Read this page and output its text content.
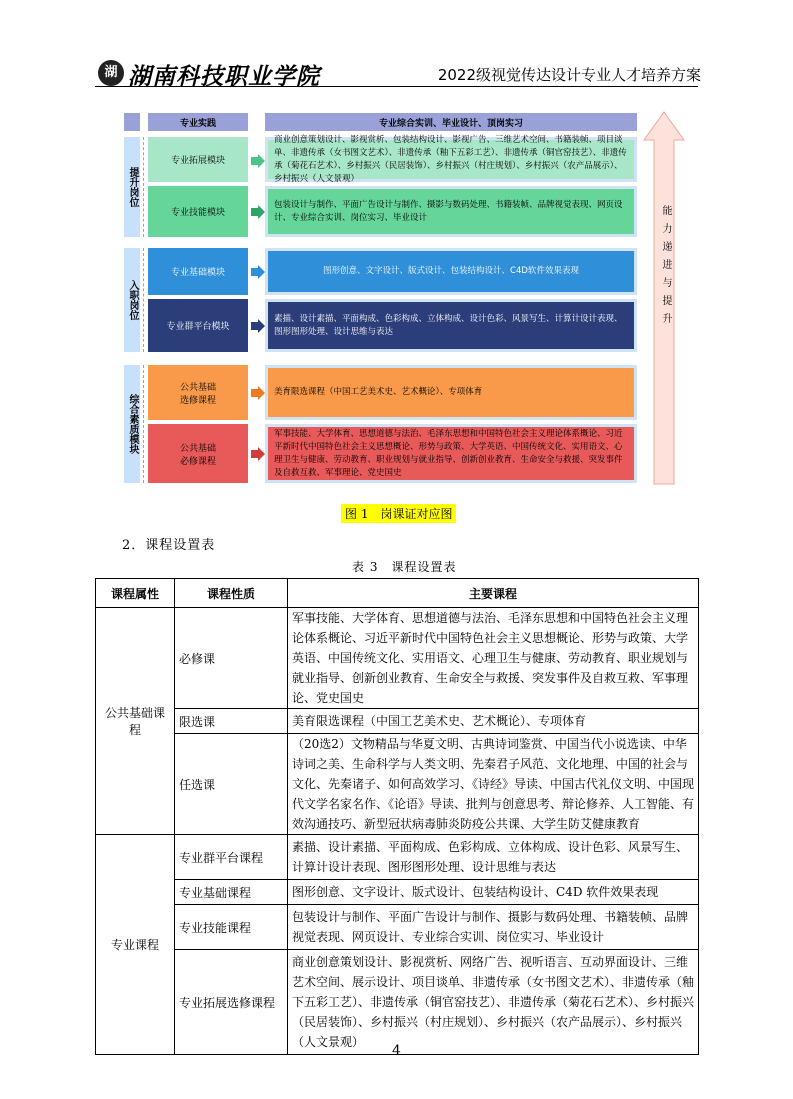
湖 湖南科技职业学院	2022级视觉传达设计专业人才培养方案
专业实践	专业综合实训、毕业设计、顶岗实习
提升岗位
入职岗位
综合素质模块
专业拓展模块
专业技能模块
专业基础模块
专业群平台模块
公共基础
选修课程
公共基础
必修课程
商业创意策划设计、影视赏析、包装结构设计、影视广告、三维艺术空间、书籍装帧、项目谈单、非遗传承（女书图文艺术）、非遗传承（釉下五彩工艺）、非遗传承（铜官窑技艺）、非遗传承（菊花石艺术）、乡村振兴（民居装饰）、乡村振兴（村庄规划）、乡村振兴（农产品展示）、乡村振兴（人文景观）
包装设计与制作、平面广告设计与制作、摄影与数码处理、书籍装帧、品牌视觉表现、网页设计、专业综合实训、岗位实习、毕业设计
图形创意、文字设计、版式设计、包装结构设计、C4D软件效果表现
素描、设计素描、平面构成、色彩构成、立体构成、设计色彩、风景写生、计算计设计表现、图形图形处理、设计思维与表达
美育限选课程（中国工艺美术史、艺术概论）、专项体育
军事技能、大学体育、思想道德与法治、毛泽东思想和中国特色社会主义理论体系概论、习近平新时代中国特色社会主义思想概论、形势与政策、大学英语、中国传统文化、实用语文、心理卫生与健康、劳动教育、职业规划与就业指导、创新创业教育、生命安全与救援、突发事件及自救互救、军事理论、党史国史
能力递进与提升
图 1　岗课证对应图
2．课程设置表
表 3　课程设置表
课程属性	课程性质	主要课程
公共基础课程	必修课	军事技能、大学体育、思想道德与法治、毛泽东思想和中国特色社会主义理论体系概论、习近平新时代中国特色社会主义思想概论、形势与政策、大学英语、中国传统文化、实用语文、心理卫生与健康、劳动教育、职业规划与就业指导、创新创业教育、生命安全与救援、突发事件及自救互救、军事理论、党史国史
	限选课	美育限选课程（中国工艺美术史、艺术概论）、专项体育
	任选课	（20选2）文物精品与华夏文明、古典诗词鉴赏、中国当代小说选读、中华诗词之美、生命科学与人类文明、先秦君子风范、文化地理、中国的社会与文化、先秦诸子、如何高效学习、《诗经》导读、中国古代礼仪文明、中国现代文学名家名作、《论语》导读、批判与创意思考、辩论修养、人工智能、有效沟通技巧、新型冠状病毒肺炎防疫公共课、大学生防艾健康教育
专业课程	专业群平台课程	素描、设计素描、平面构成、色彩构成、立体构成、设计色彩、风景写生、计算计设计表现、图形图形处理、设计思维与表达
	专业基础课程	图形创意、文字设计、版式设计、包装结构设计、C4D 软件效果表现
	专业技能课程	包装设计与制作、平面广告设计与制作、摄影与数码处理、书籍装帧、品牌视觉表现、网页设计、专业综合实训、岗位实习、毕业设计
	专业拓展选修课程	商业创意策划设计、影视赏析、网络广告、视听语言、互动界面设计、三维艺术空间、展示设计、项目谈单、非遗传承（女书图文艺术）、非遗传承（釉下五彩工艺）、非遗传承（铜官窑技艺）、非遗传承（菊花石艺术）、乡村振兴（民居装饰）、乡村振兴（村庄规划）、乡村振兴（农产品展示）、乡村振兴（人文景观）
4
